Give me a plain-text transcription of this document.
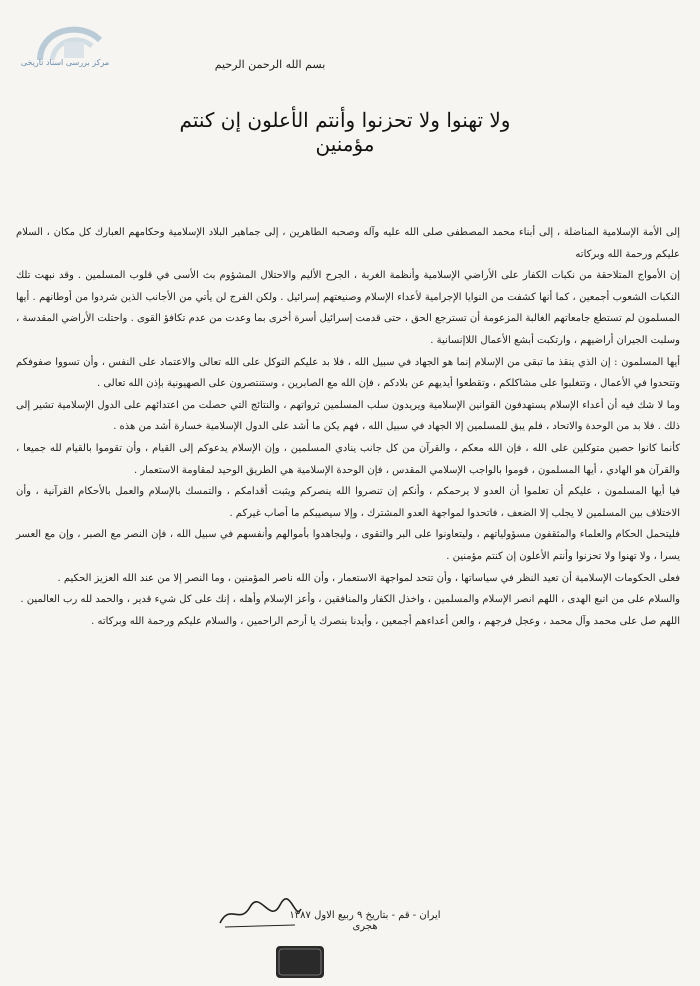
مرکز بررسی اسناد تاریخی	بسم الله الرحمن الرحيم
ولا تهنوا ولا تحزنوا وأنتم الأعلون إن كنتم مؤمنين

إلى الأمة الإسلامية المناضلة ، إلى أبناء محمد المصطفى صلى الله عليه وآله وصحبه الطاهرين ، إلى جماهير البلاد الإسلامية وحكامهم العبارك كل مكان ، السلام عليكم ورحمة الله وبركاته

إن الأمواج المتلاحقة من نكبات الكفار على الأراضي الإسلامية وأنظمة الغربة ، الجرح الأليم والاحتلال المشؤوم بث الأسى في قلوب المسلمين . وقد نبهت تلك النكبات الشعوب أجمعين ، كما أنها كشفت من النوايا الإجرامية لأعداء الإسلام وصنيعتهم إسرائيل . ولكن الفرج لن يأتي من الأجانب الذين شردوا من أوطانهم . أيها المسلمون لم تستطع جامعاتهم الغالبة المزعومة أن تسترجع الحق ، حتى قدمت إسرائيل أسرة أخرى بما وعدت من عدم تكافؤ القوى . واحتلت الأراضي المقدسة ، وسلبت الجيران أراضيهم ، وارتكبت أبشع الأعمال اللاإنسانية .

أيها المسلمون : إن الذي ينقذ ما تبقى من الإسلام إنما هو الجهاد في سبيل الله ، فلا بد عليكم التوكل على الله تعالى والاعتماد على النفس ، وأن تسووا صفوفكم وتتحدوا في الأعمال ، وتتغلبوا على مشاكلكم ، وتقطعوا أيديهم عن بلادكم ، فإن الله مع الصابرين ، وستنتصرون على الصهيونية بإذن الله تعالى .

وما لا شك فيه أن أعداء الإسلام يستهدفون القوانين الإسلامية ويريدون سلب المسلمين ثرواتهم ، والنتائج التي حصلت من اعتدائهم على الدول الإسلامية تشير إلى ذلك . فلا بد من الوحدة والاتحاد ، فلم يبق للمسلمين إلا الجهاد في سبيل الله ، فهم يكن ما أشد على الدول الإسلامية خسارة أشد من هذه .

كأنما كانوا حصين متوكلين على الله ، فإن الله معكم ، والقرآن من كل جانب ينادي المسلمين ، وإن الإسلام يدعوكم إلى القيام ، وأن تقوموا بالقيام لله جميعا ، والقرآن هو الهادي ، أيها المسلمون ، قوموا بالواجب الإسلامي المقدس ، فإن الوحدة الإسلامية هي الطريق الوحيد لمقاومة الاستعمار .

فيا أيها المسلمون ، عليكم أن تعلموا أن العدو لا يرحمكم ، وأنكم إن تنصروا الله ينصركم ويثبت أقدامكم ، والتمسك بالإسلام والعمل بالأحكام القرآنية ، وأن الاختلاف بين المسلمين لا يجلب إلا الضعف ، فاتحدوا لمواجهة العدو المشترك ، وإلا سيصيبكم ما أصاب غيركم .

فليتحمل الحكام والعلماء والمثقفون مسؤولياتهم ، وليتعاونوا على البر والتقوى ، وليجاهدوا بأموالهم وأنفسهم في سبيل الله ، فإن النصر مع الصبر ، وإن مع العسر يسرا ، ولا تهنوا ولا تحزنوا وأنتم الأعلون إن كنتم مؤمنين .

فعلى الحكومات الإسلامية أن تعيد النظر في سياساتها ، وأن تتحد لمواجهة الاستعمار ، وأن الله ناصر المؤمنين ، وما النصر إلا من عند الله العزيز الحكيم .

والسلام على من اتبع الهدى ، اللهم انصر الإسلام والمسلمين ، واخذل الكفار والمنافقين ، وأعز الإسلام وأهله ، إنك على كل شيء قدير ، والحمد لله رب العالمين .

اللهم صل على محمد وآل محمد ، وعجل فرجهم ، والعن أعداءهم أجمعين ، وأيدنا بنصرك يا أرحم الراحمين ، والسلام عليكم ورحمة الله وبركاته .

ایران - قم - بتاریخ ٩ ربیع الاول ١٣٨٧ هجری
